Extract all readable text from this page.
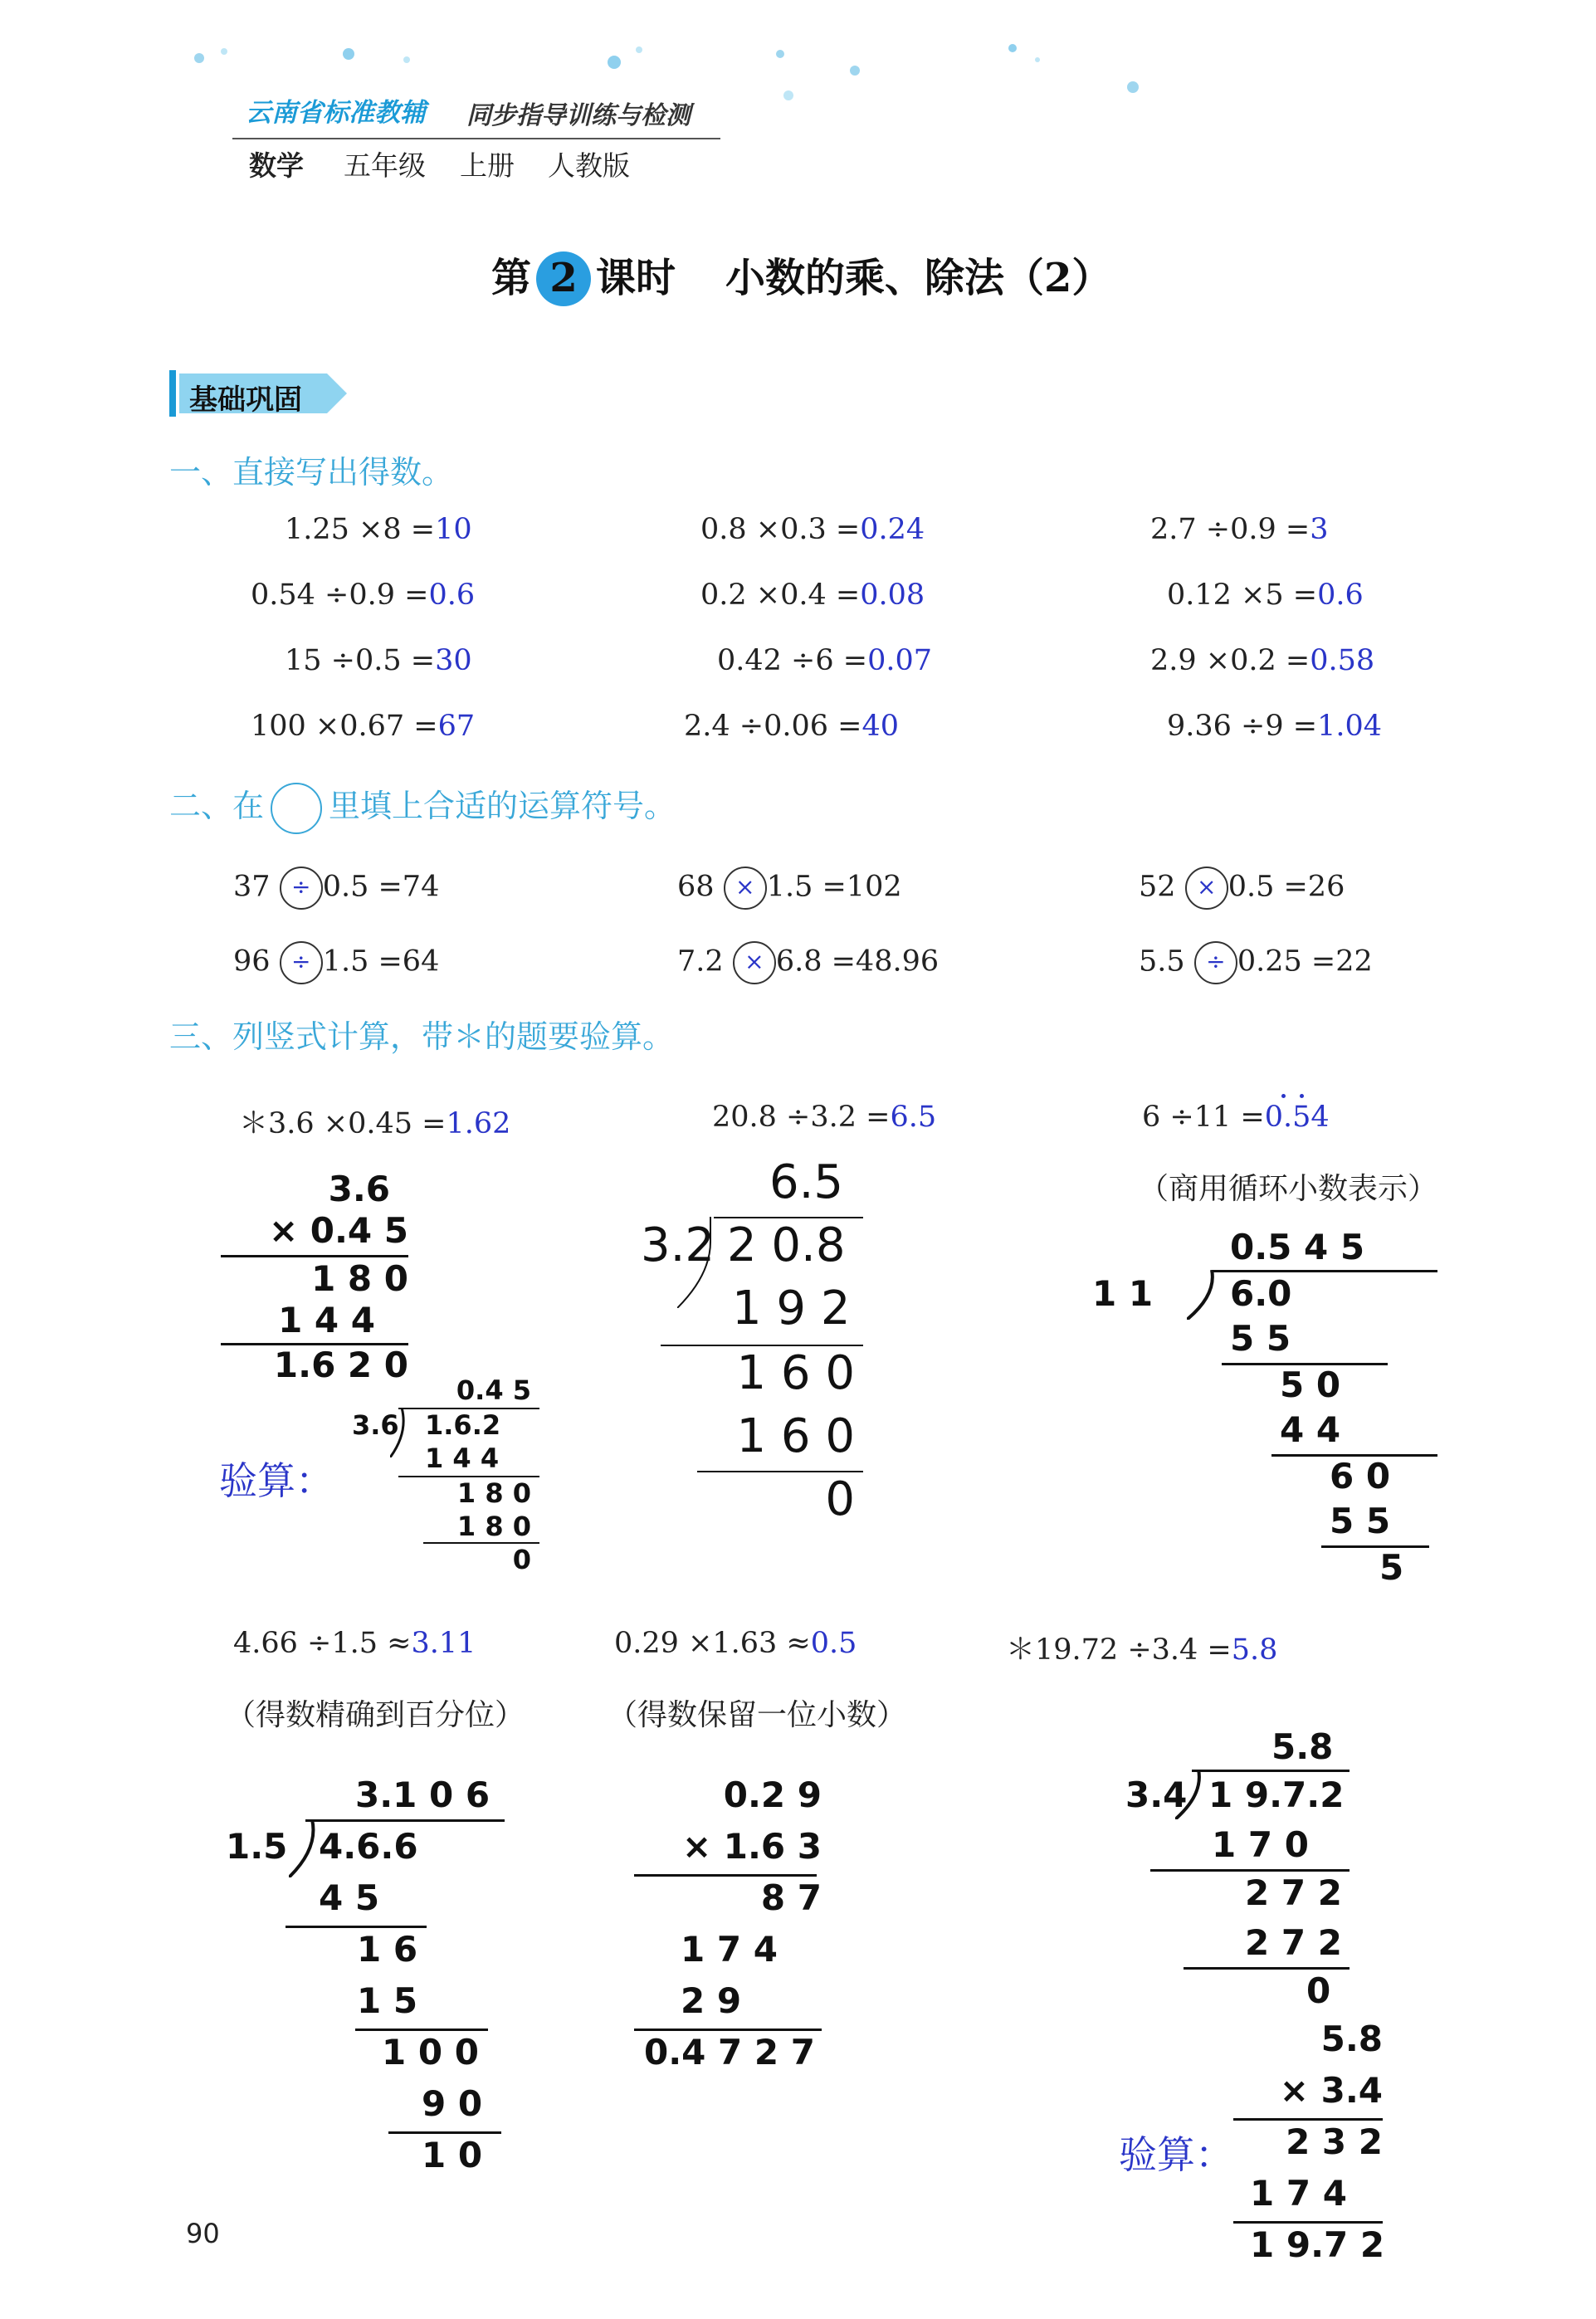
云南省标准教辅 同步指导训练与检测
数学 五年级 上册 人教版
第 2 课时 小数的乘、除法（2）
基础巩固
一、直接写出得数。
1.25 ×8 =10	0.8 ×0.3 =0.24	2.7 ÷0.9 =3
0.54 ÷0.9 =0.6	0.2 ×0.4 =0.08	0.12 ×5 =0.6
15 ÷0.5 =30	0.42 ÷6 =0.07	2.9 ×0.2 =0.58
100 ×0.67 =67	2.4 ÷0.06 =40	9.36 ÷9 =1.04
二、在 里填上合适的运算符号。
37 ÷ 0.5 =74	68 × 1.5 =102	52 × 0.5 =26
96 ÷ 1.5 =64	7.2 × 6.8 =48.96	5.5 ÷ 0.25 =22
三、列竖式计算，带＊的题要验算。
＊3.6 ×0.45 =1.62	20.8 ÷3.2 =6.5	6 ÷11 =0.54
（商用循环小数表示）
3.6
× 0.4 5
1 8 0
1 4 4
1.6 2 0
验算：
0.4 5
3.6 1.6.2
1 4 4
1 8 0
1 8 0
0
6.5
3.2 2 0.8
1 9 2
1 6 0
1 6 0
0
0.5 4 5
1 1 6.0
5 5
5 0
4 4
6 0
5 5
5
4.66 ÷1.5 ≈3.11	0.29 ×1.63 ≈0.5	＊19.72 ÷3.4 =5.8
（得数精确到百分位）	（得数保留一位小数）
3.1 0 6
1.5 4.6.6
4 5
1 6
1 5
1 0 0
9 0
1 0
0.2 9
× 1.6 3
8 7
1 7 4
2 9
0.4 7 2 7
5.8
3.4 1 9.7.2
1 7 0
2 7 2
2 7 2
0
验算：
5.8
× 3.4
2 3 2
1 7 4
1 9.7 2
90
